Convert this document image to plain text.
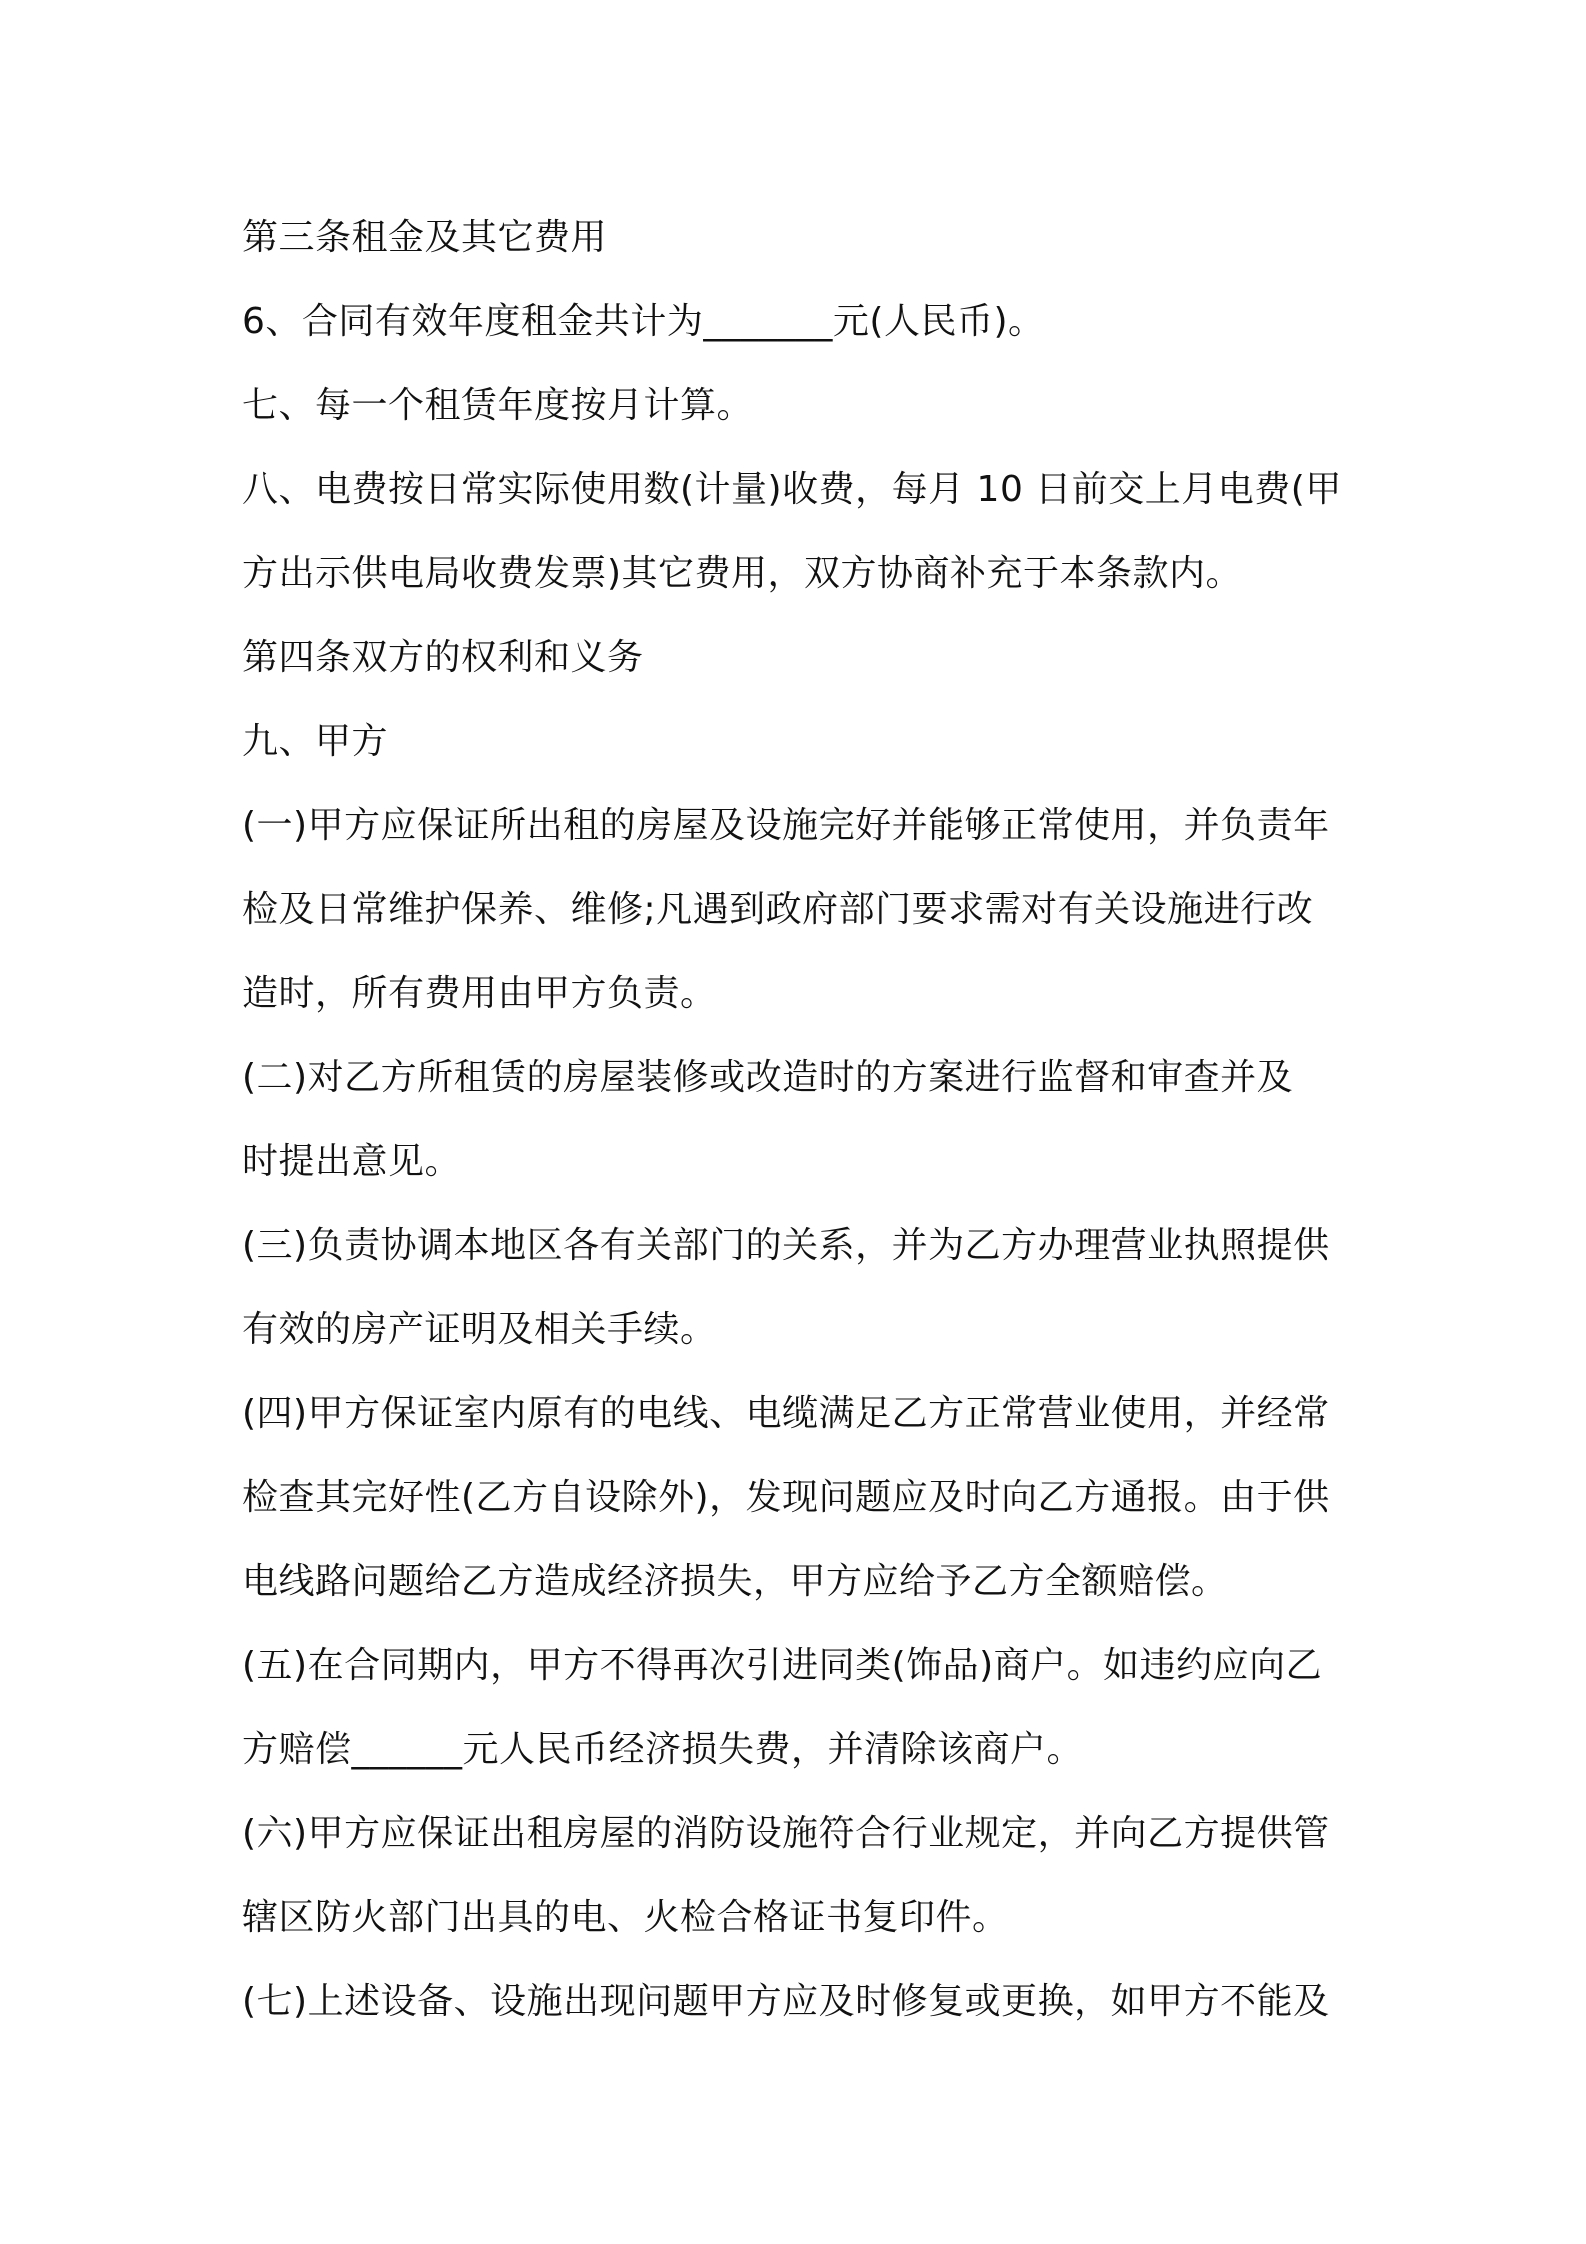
第三条租金及其它费用
6、合同有效年度租金共计为_______元(人民币)。
七、每一个租赁年度按月计算。
八、电费按日常实际使用数(计量)收费，每月 10 日前交上月电费(甲
方出示供电局收费发票)其它费用，双方协商补充于本条款内。
第四条双方的权利和义务
九、甲方
(一)甲方应保证所出租的房屋及设施完好并能够正常使用，并负责年
检及日常维护保养、维修;凡遇到政府部门要求需对有关设施进行改
造时，所有费用由甲方负责。
(二)对乙方所租赁的房屋装修或改造时的方案进行监督和审查并及
时提出意见。
(三)负责协调本地区各有关部门的关系，并为乙方办理营业执照提供
有效的房产证明及相关手续。
(四)甲方保证室内原有的电线、电缆满足乙方正常营业使用，并经常
检查其完好性(乙方自设除外)，发现问题应及时向乙方通报。由于供
电线路问题给乙方造成经济损失，甲方应给予乙方全额赔偿。
(五)在合同期内，甲方不得再次引进同类(饰品)商户。如违约应向乙
方赔偿______元人民币经济损失费，并清除该商户。
(六)甲方应保证出租房屋的消防设施符合行业规定，并向乙方提供管
辖区防火部门出具的电、火检合格证书复印件。
(七)上述设备、设施出现问题甲方应及时修复或更换，如甲方不能及
